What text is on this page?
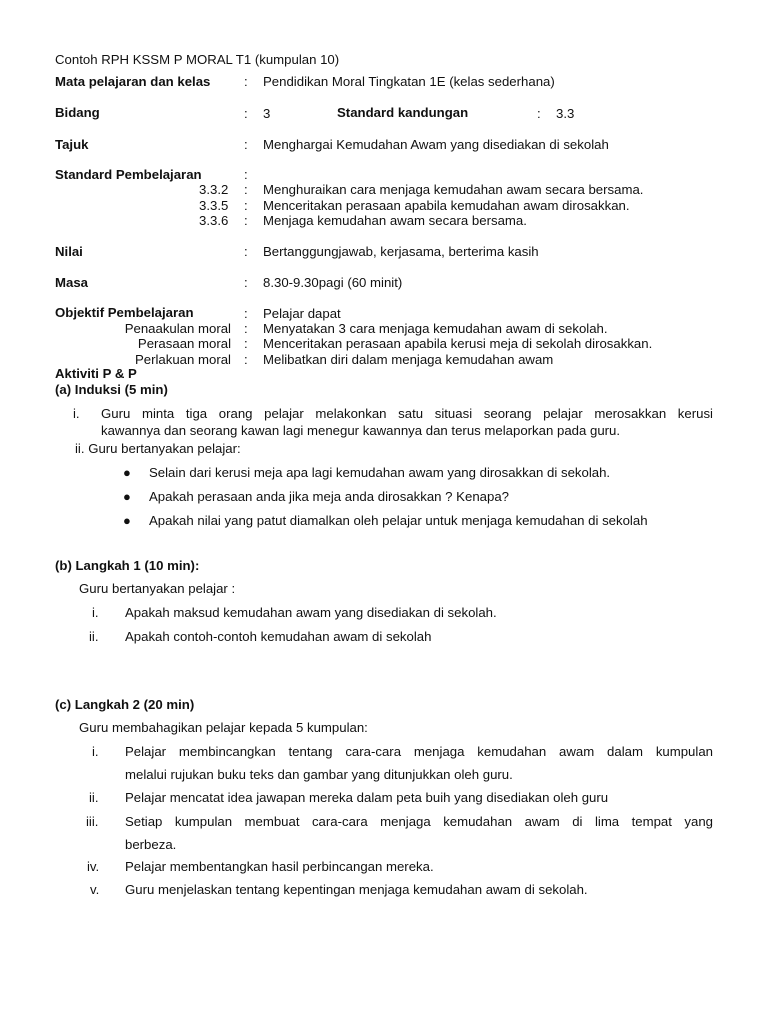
Contoh RPH KSSM P MORAL T1 (kumpulan 10)
Mata pelajaran dan kelas	: Pendidikan Moral Tingkatan 1E (kelas sederhana)
Bidang	: 3	Standard kandungan	: 3.3
Tajuk	: Menghargai Kemudahan Awam yang disediakan di sekolah
Standard Pembelajaran	:
3.3.2 : Menghuraikan cara menjaga kemudahan awam secara bersama.
3.3.5 : Menceritakan perasaan apabila kemudahan awam dirosakkan.
3.3.6 : Menjaga kemudahan awam secara bersama.
Nilai	: Bertanggungjawab, kerjasama, berterima kasih
Masa	: 8.30-9.30pagi (60 minit)
Objektif Pembelajaran	: Pelajar dapat
Penaakulan moral : Menyatakan 3 cara menjaga kemudahan awam di sekolah.
Perasaan moral : Menceritakan perasaan apabila kerusi meja di sekolah dirosakkan.
Perlakuan moral : Melibatkan diri dalam menjaga kemudahan awam
Aktiviti P & P
(a) Induksi (5 min)
i. Guru minta tiga orang pelajar melakonkan satu situasi seorang pelajar merosakkan kerusi
kawannya dan seorang kawan lagi menegur kawannya dan terus melaporkan pada guru.
ii. Guru bertanyakan pelajar:
● Selain dari kerusi meja apa lagi kemudahan awam yang dirosakkan di sekolah.
● Apakah perasaan anda jika meja anda dirosakkan ? Kenapa?
● Apakah nilai yang patut diamalkan oleh pelajar untuk menjaga kemudahan di sekolah
(b) Langkah 1 (10 min):
Guru bertanyakan pelajar :
i. Apakah maksud kemudahan awam yang disediakan di sekolah.
ii. Apakah contoh-contoh kemudahan awam di sekolah
(c) Langkah 2 (20 min)
Guru membahagikan pelajar kepada 5 kumpulan:
i. Pelajar membincangkan tentang cara-cara menjaga kemudahan awam dalam kumpulan
melalui rujukan buku teks dan gambar yang ditunjukkan oleh guru.
ii. Pelajar mencatat idea jawapan mereka dalam peta buih yang disediakan oleh guru
iii. Setiap kumpulan membuat cara-cara menjaga kemudahan awam di lima tempat yang
berbeza.
iv. Pelajar membentangkan hasil perbincangan mereka.
v. Guru menjelaskan tentang kepentingan menjaga kemudahan awam di sekolah.
